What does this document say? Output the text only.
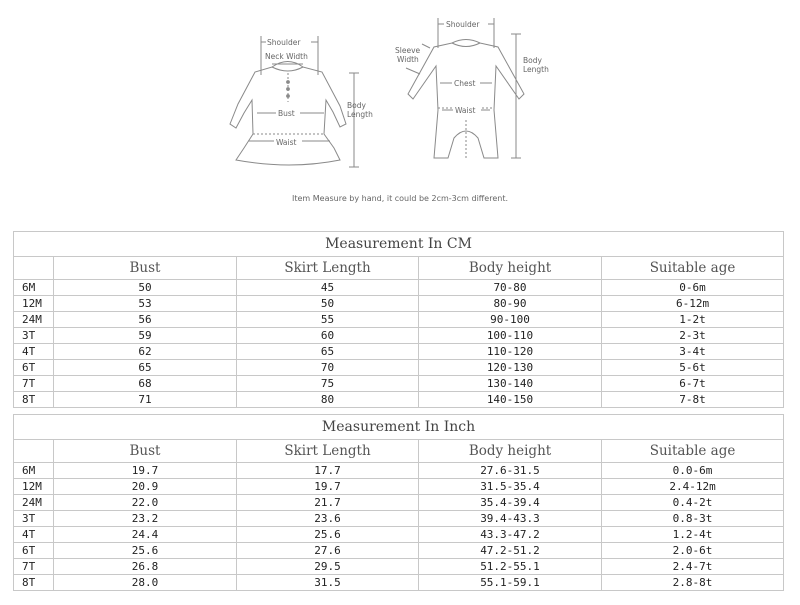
Shoulder
Neck Width
Bust
Body
Length
Waist
Shoulder
Sleeve
Width
Chest
Waist
Body
Length
Item Measure by hand, it could be 2cm-3cm different.
Measurement In CM				
	Bust	Skirt Length	Body height	Suitable age
6M	50	45	70-80	0-6m
12M	53	50	80-90	6-12m
24M	56	55	90-100	1-2t
3T	59	60	100-110	2-3t
4T	62	65	110-120	3-4t
6T	65	70	120-130	5-6t
7T	68	75	130-140	6-7t
8T	71	80	140-150	7-8t
Measurement In Inch				
	Bust	Skirt Length	Body height	Suitable age
6M	19.7	17.7	27.6-31.5	0.0-6m
12M	20.9	19.7	31.5-35.4	2.4-12m
24M	22.0	21.7	35.4-39.4	0.4-2t
3T	23.2	23.6	39.4-43.3	0.8-3t
4T	24.4	25.6	43.3-47.2	1.2-4t
6T	25.6	27.6	47.2-51.2	2.0-6t
7T	26.8	29.5	51.2-55.1	2.4-7t
8T	28.0	31.5	55.1-59.1	2.8-8t
